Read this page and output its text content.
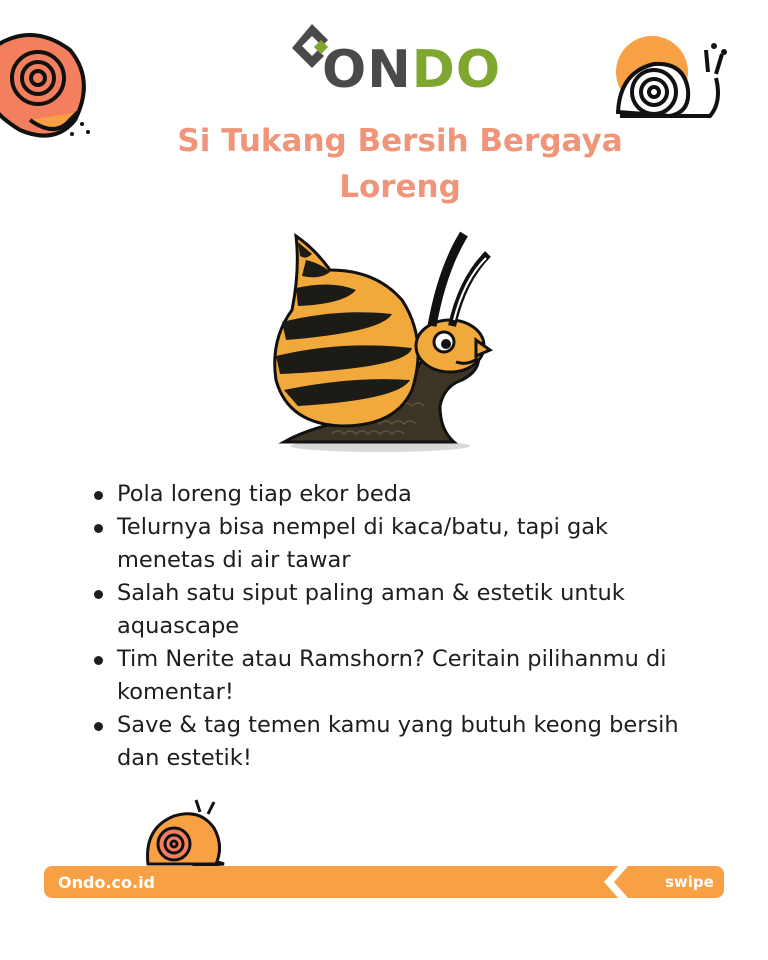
ONDO
Si Tukang Bersih Bergaya
Loreng
Pola loreng tiap ekor beda
Telurnya bisa nempel di kaca/batu, tapi gak menetas di air tawar
Salah satu siput paling aman & estetik untuk aquascape
Tim Nerite atau Ramshorn? Ceritain pilihanmu di komentar!
Save & tag temen kamu yang butuh keong bersih dan estetik!
Ondo.co.id	swipe
